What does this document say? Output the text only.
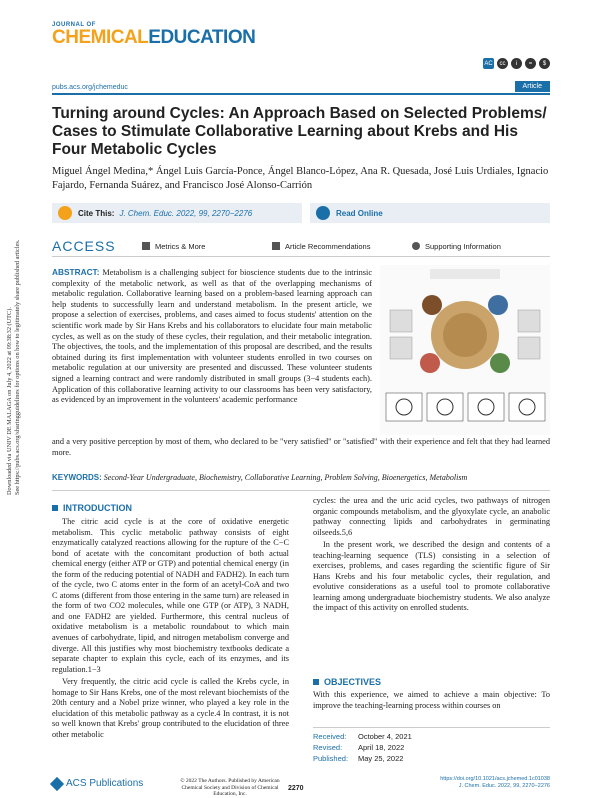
JOURNAL OF
CHEMICALEDUCATION
AC	cc	i	=	$
pubs.acs.org/jchemeduc	Article
Turning around Cycles: An Approach Based on Selected Problems/ Cases to Stimulate Collaborative Learning about Krebs and His Four Metabolic Cycles
Miguel Ángel Medina,* Ángel Luis García-Ponce, Ángel Blanco-López, Ana R. Quesada, José Luis Urdiales, Ignacio Fajardo, Fernanda Suárez, and Francisco José Alonso-Carrión
Cite This: J. Chem. Educ. 2022, 99, 2270−2276	Read Online
ACCESS	Metrics & More	Article Recommendations	Supporting Information
ABSTRACT: Metabolism is a challenging subject for bioscience students due to the intrinsic complexity of the metabolic network, as well as that of the overlapping mechanisms of metabolic regulation. Collaborative learning based on a problem-based learning approach can help students to successfully learn and understand metabolism. In the present article, we propose a selection of exercises, problems, and cases aimed to focus students' attention on the scientific work made by Sir Hans Krebs and his collaborators to elucidate four main metabolic cycles, as well as on the study of these cycles, their regulation, and their metabolic integration. The objectives, the tools, and the implementation of this proposal are described, and the results obtained during its first implementation with volunteer students enrolled in two courses on metabolic regulation at our university are presented and discussed. These volunteer students signed a learning contract and were randomly distributed in small groups (3−4 students each). Application of this collaborative learning activity to our classrooms has been very satisfactory, as evidenced by an improvement in the volunteers' academic performance
and a very positive perception by most of them, who declared to be "very satisfied" or "satisfied" with their experience and felt that they had learned more.
KEYWORDS: Second-Year Undergraduate, Biochemistry, Collaborative Learning, Problem Solving, Bioenergetics, Metabolism
INTRODUCTION

The citric acid cycle is at the core of oxidative energetic metabolism. This cyclic metabolic pathway consists of eight enzymatically catalyzed reactions allowing for the rupture of the C−C bond of acetate with the concomitant production of both actual chemical energy (either ATP or GTP) and potential chemical energy (in the form of the reducing potential of NADH and FADH2). In each turn of the cycle, two C atoms enter in the form of an acetyl-CoA and two C atoms (different from those entering in the same turn) are released in the form of two CO2 molecules, while one GTP (or ATP), 3 NADH, and one FADH2 are yielded. Furthermore, this central nucleus of oxidative metabolism is a metabolic roundabout to which main avenues of carbohydrate, lipid, and nitrogen metabolism converge and diverge. All this justifies why most biochemistry textbooks dedicate a separate chapter to explain this cycle, each of its enzymes, and its regulation.1−3

Very frequently, the citric acid cycle is called the Krebs cycle, in homage to Sir Hans Krebs, one of the most relevant biochemists of the 20th century and a Nobel prize winner, who played a key role in the elucidation of this metabolic pathway as a cycle.4 In contrast, it is not so well known that Krebs' group contributed to the elucidation of three other metabolic

cycles: the urea and the uric acid cycles, two pathways of nitrogen organic compounds metabolism, and the glyoxylate cycle, an anabolic pathway connecting lipids and carbohydrates in germinating oilseeds.5,6

In the present work, we described the design and contents of a teaching-learning sequence (TLS) consisting in a selection of exercises, problems, and cases regarding the scientific figure of Sir Hans Krebs and his four metabolic cycles, their regulation, and evolutive considerations as a useful tool to promote collaborative learning among undergraduate biochemistry students. We also analyze the impact of this activity on enrolled students.

OBJECTIVES
With this experience, we aimed to achieve a main objective: To improve the teaching-learning process within courses on
Received:	October 4, 2021
Revised:	April 18, 2022
Published:	May 25, 2022
Downloaded via UNIV DE MALAGA on July 4, 2022 at 09:38:32 (UTC). See https://pubs.acs.org/sharingguidelines for options on how to legitimately share published articles.
ACS Publications	© 2022 The Authors. Published by American Chemical Society and Division of Chemical Education, Inc.
2270
https://doi.org/10.1021/acs.jchemed.1c01038
J. Chem. Educ. 2022, 99, 2270−2276
